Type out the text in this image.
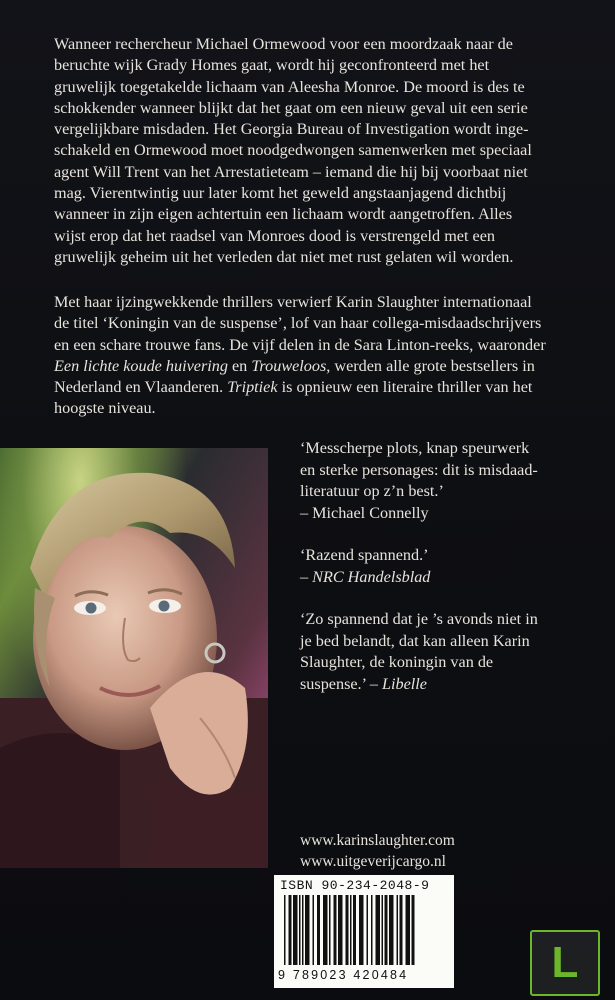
Wanneer rechercheur Michael Ormewood voor een moordzaak naar de
beruchte wijk Grady Homes gaat, wordt hij geconfronteerd met het
gruwelijk toegetakelde lichaam van Aleesha Monroe. De moord is des te
schokkender wanneer blijkt dat het gaat om een nieuw geval uit een serie
vergelijkbare misdaden. Het Georgia Bureau of Investigation wordt inge-
schakeld en Ormewood moet noodgedwongen samenwerken met speciaal
agent Will Trent van het Arrestatieteam – iemand die hij bij voorbaat niet
mag. Vierentwintig uur later komt het geweld angstaanjagend dichtbij
wanneer in zijn eigen achtertuin een lichaam wordt aangetroffen. Alles
wijst erop dat het raadsel van Monroes dood is verstrengeld met een
gruwelijk geheim uit het verleden dat niet met rust gelaten wil worden.
Met haar ijzingwekkende thrillers verwierf Karin Slaughter internationaal
de titel ‘Koningin van de suspense’, lof van haar collega-misdaadschrijvers
en een schare trouwe fans. De vijf delen in de Sara Linton-reeks, waaronder
Een lichte koude huivering en Trouweloos, werden alle grote bestsellers in
Nederland en Vlaanderen. Triptiek is opnieuw een literaire thriller van het
hoogste niveau.

‘Messcherpe plots, knap speurwerk
en sterke personages: dit is misdaad-
literatuur op z’n best.’
– Michael Connelly

‘Razend spannend.’
– NRC Handelsblad

‘Zo spannend dat je ’s avonds niet in
je bed belandt, dat kan alleen Karin
Slaughter, de koningin van de
suspense.’ – Libelle

www.karinslaughter.com
www.uitgeverijcargo.nl
ISBN 90-234-2048-9
9 789023 420484	L
